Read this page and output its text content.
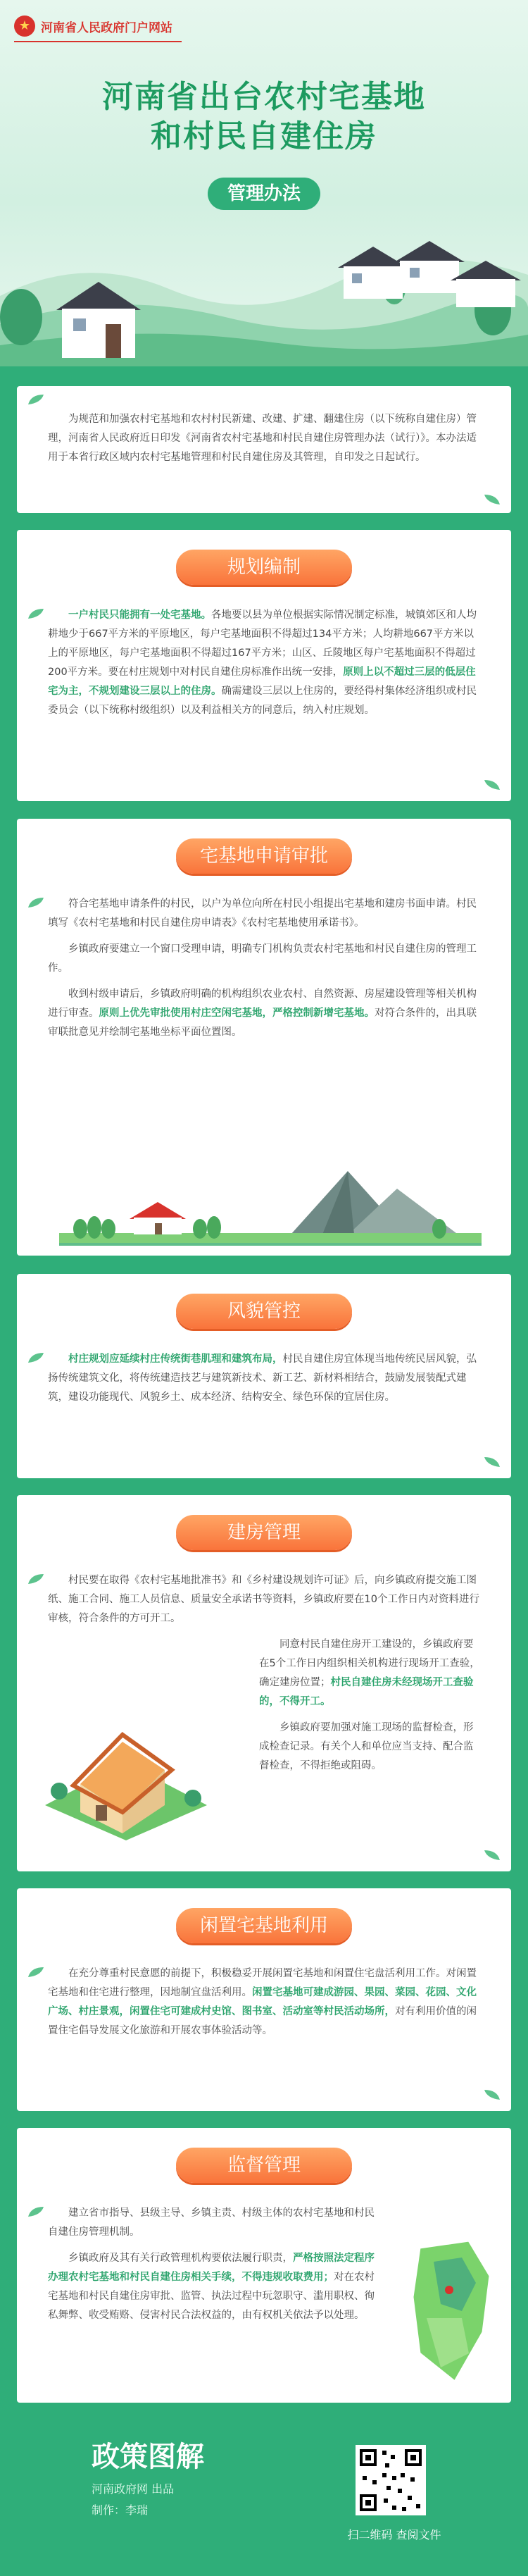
★ 河南省人民政府门户网站
河南省出台农村宅基地
和村民自建住房
管理办法

为规范和加强农村宅基地和农村村民新建、改建、扩建、翻建住房（以下统称自建住房）管理，河南省人民政府近日印发《河南省农村宅基地和村民自建住房管理办法（试行）》。本办法适用于本省行政区域内农村宅基地管理和村民自建住房及其管理，自印发之日起试行。

规划编制

一户村民只能拥有一处宅基地。各地要以县为单位根据实际情况制定标准，城镇郊区和人均耕地少于667平方米的平原地区，每户宅基地面积不得超过134平方米；人均耕地667平方米以上的平原地区，每户宅基地面积不得超过167平方米；山区、丘陵地区每户宅基地面积不得超过200平方米。要在村庄规划中对村民自建住房标准作出统一安排，原则上以不超过三层的低层住宅为主，不规划建设三层以上的住房。确需建设三层以上住房的，要经得村集体经济组织或村民委员会（以下统称村级组织）以及利益相关方的同意后，纳入村庄规划。

宅基地申请审批

符合宅基地申请条件的村民，以户为单位向所在村民小组提出宅基地和建房书面申请。村民填写《农村宅基地和村民自建住房申请表》《农村宅基地使用承诺书》。

乡镇政府要建立一个窗口受理申请，明确专门机构负责农村宅基地和村民自建住房的管理工作。

收到村级申请后，乡镇政府明确的机构组织农业农村、自然资源、房屋建设管理等相关机构进行审查。原则上优先审批使用村庄空闲宅基地，严格控制新增宅基地。对符合条件的，出具联审联批意见并绘制宅基地坐标平面位置图。

风貌管控

村庄规划应延续村庄传统街巷肌理和建筑布局，村民自建住房宜体现当地传统民居风貌，弘扬传统建筑文化，将传统建造技艺与建筑新技术、新工艺、新材料相结合，鼓励发展装配式建筑，建设功能现代、风貌乡土、成本经济、结构安全、绿色环保的宜居住房。

建房管理

村民要在取得《农村宅基地批准书》和《乡村建设规划许可证》后，向乡镇政府提交施工图纸、施工合同、施工人员信息、质量安全承诺书等资料，乡镇政府要在10个工作日内对资料进行审核，符合条件的方可开工。

同意村民自建住房开工建设的，乡镇政府要在5个工作日内组织相关机构进行现场开工查验，确定建房位置；村民自建住房未经现场开工查验的，不得开工。

乡镇政府要加强对施工现场的监督检查，形成检查记录。有关个人和单位应当支持、配合监督检查，不得拒绝或阻碍。

闲置宅基地利用

在充分尊重村民意愿的前提下，积极稳妥开展闲置宅基地和闲置住宅盘活利用工作。对闲置宅基地和住宅进行整理，因地制宜盘活利用。闲置宅基地可建成游园、果园、菜园、花园、文化广场、村庄景观，闲置住宅可建成村史馆、图书室、活动室等村民活动场所，对有利用价值的闲置住宅倡导发展文化旅游和开展农事体验活动等。

监督管理

建立省市指导、县级主导、乡镇主责、村级主体的农村宅基地和村民自建住房管理机制。

乡镇政府及其有关行政管理机构要依法履行职责，严格按照法定程序办理农村宅基地和村民自建住房相关手续，不得违规收取费用；对在农村宅基地和村民自建住房审批、监管、执法过程中玩忽职守、滥用职权、徇私舞弊、收受贿赂、侵害村民合法权益的，由有权机关依法予以处理。

政策图解
河南政府网 出品
制作：李瑞
扫二维码 查阅文件
